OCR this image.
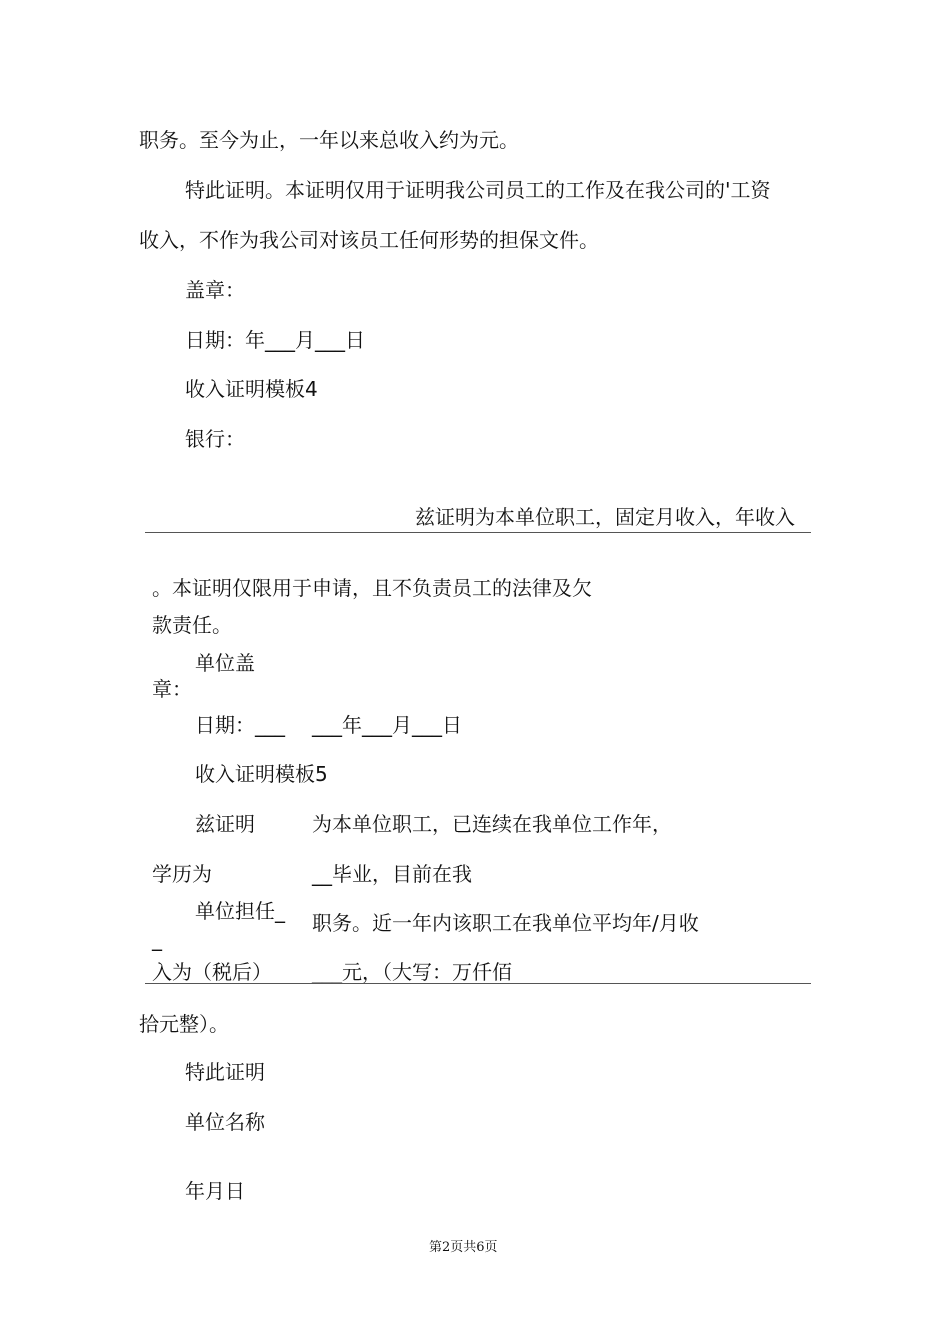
职务。至今为止，一年以来总收入约为元。
特此证明。本证明仅用于证明我公司员工的工作及在我公司的'工资
收入，不作为我公司对该员工任何形势的担保文件。
盖章：
日期：年___月___日
收入证明模板4
银行：
兹证明为本单位职工，固定月收入，年收入
。本证明仅限用于申请，且不负责员工的法律及欠
款责任。
单位盖
章：
日期：___ ___年___月___日
收入证明模板5
兹证明	为本单位职工，已连续在我单位工作年，
学历为	__毕业，目前在我
单位担任_
_
职务。近一年内该职工在我单位平均年/月收
入为（税后） ___元，（大写：万仟佰
拾元整）。
特此证明
单位名称
年月日
第2页共6页
